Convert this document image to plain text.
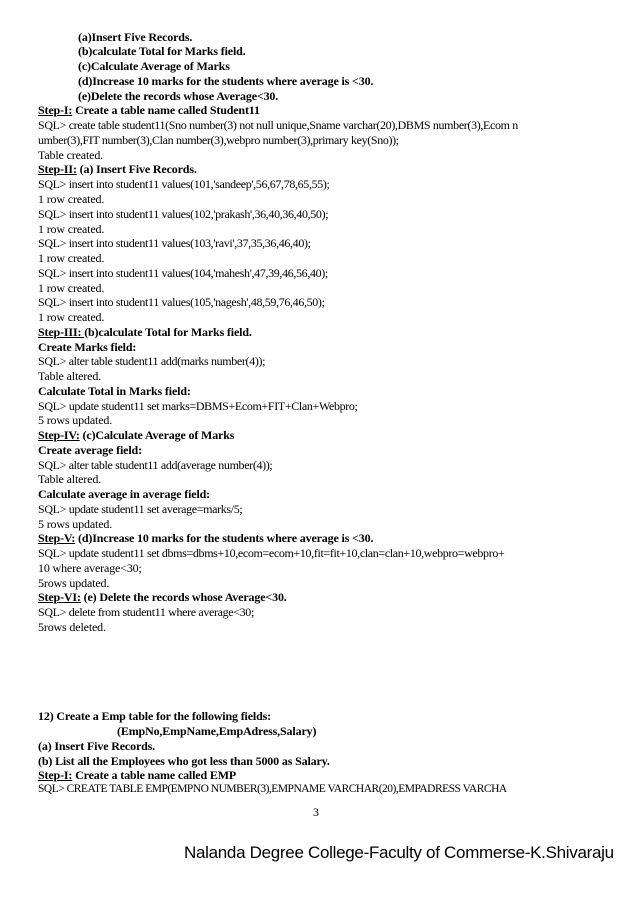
(a)Insert Five Records.
(b)calculate Total for Marks field.
(c)Calculate Average of Marks
(d)Increase 10 marks for the students where average is <30.
(e)Delete the records whose Average<30.
Step-I: Create a table name called Student11
SQL> create table student11(Sno number(3) not null unique,Sname varchar(20),DBMS number(3),Ecom n
umber(3),FIT number(3),Clan number(3),webpro number(3),primary key(Sno));
Table created.
Step-II: (a) Insert Five Records.
SQL> insert into student11 values(101,'sandeep',56,67,78,65,55);
1 row created.
SQL> insert into student11 values(102,'prakash',36,40,36,40,50);
1 row created.
SQL> insert into student11 values(103,'ravi',37,35,36,46,40);
1 row created.
SQL> insert into student11 values(104,'mahesh',47,39,46,56,40);
1 row created.
SQL> insert into student11 values(105,'nagesh',48,59,76,46,50);
1 row created.
Step-III: (b)calculate Total for Marks field.
Create Marks field:
SQL> alter table student11 add(marks number(4));
Table altered.
Calculate Total in Marks field:
SQL> update student11 set marks=DBMS+Ecom+FIT+Clan+Webpro;
5 rows updated.
Step-IV: (c)Calculate Average of Marks
Create average field:
SQL> alter table student11 add(average number(4));
Table altered.
Calculate average in average field:
SQL> update student11 set average=marks/5;
5 rows updated.
Step-V: (d)Increase 10 marks for the students where average is <30.
SQL> update student11 set dbms=dbms+10,ecom=ecom+10,fit=fit+10,clan=clan+10,webpro=webpro+
10 where average<30;
5rows updated.
Step-VI: (e) Delete the records whose Average<30.
SQL> delete from student11 where average<30;
5rows deleted.
12) Create a Emp table for the following fields:
(EmpNo,EmpName,EmpAdress,Salary)
(a) Insert Five Records.
(b) List all the Employees who got less than 5000 as Salary.
Step-I: Create a table name called EMP
SQL> CREATE TABLE EMP(EMPNO NUMBER(3),EMPNAME VARCHAR(20),EMPADRESS VARCHA
3
Nalanda Degree College-Faculty of Commerse-K.Shivaraju
